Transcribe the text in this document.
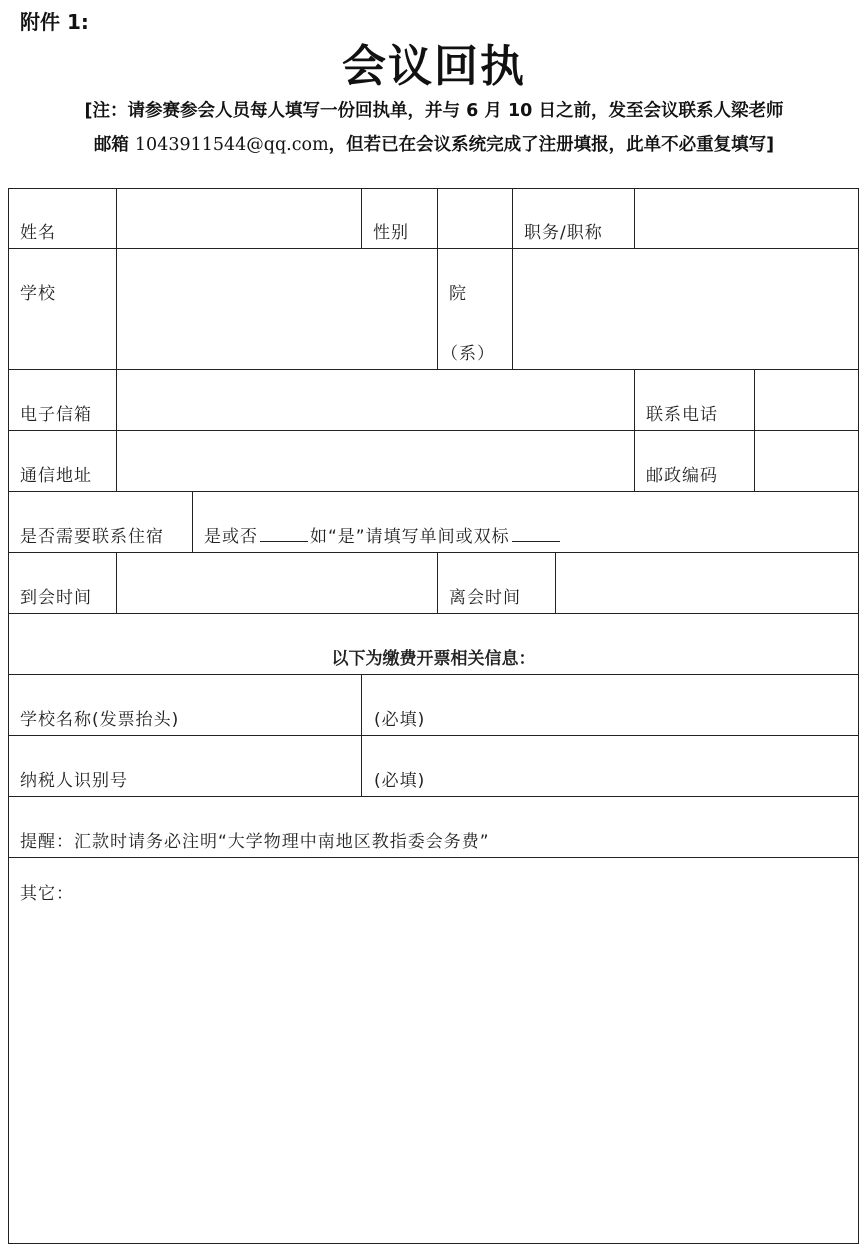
附件 1:
会议回执
[注：请参赛参会人员每人填写一份回执单，并与 6 月 10 日之前，发至会议联系人梁老师
邮箱 1043911544@qq.com，但若已在会议系统完成了注册填报，此单不必重复填写]
姓名	性别	职务/职称
学校	院
（系）
电子信箱	联系电话
通信地址	邮政编码
是否需要联系住宿 是或否	如“是”请填写单间或双标
到会时间	离会时间
以下为缴费开票相关信息：
学校名称(发票抬头)	(必填)
纳税人识别号	(必填)
提醒：汇款时请务必注明“大学物理中南地区教指委会务费”
其它：
